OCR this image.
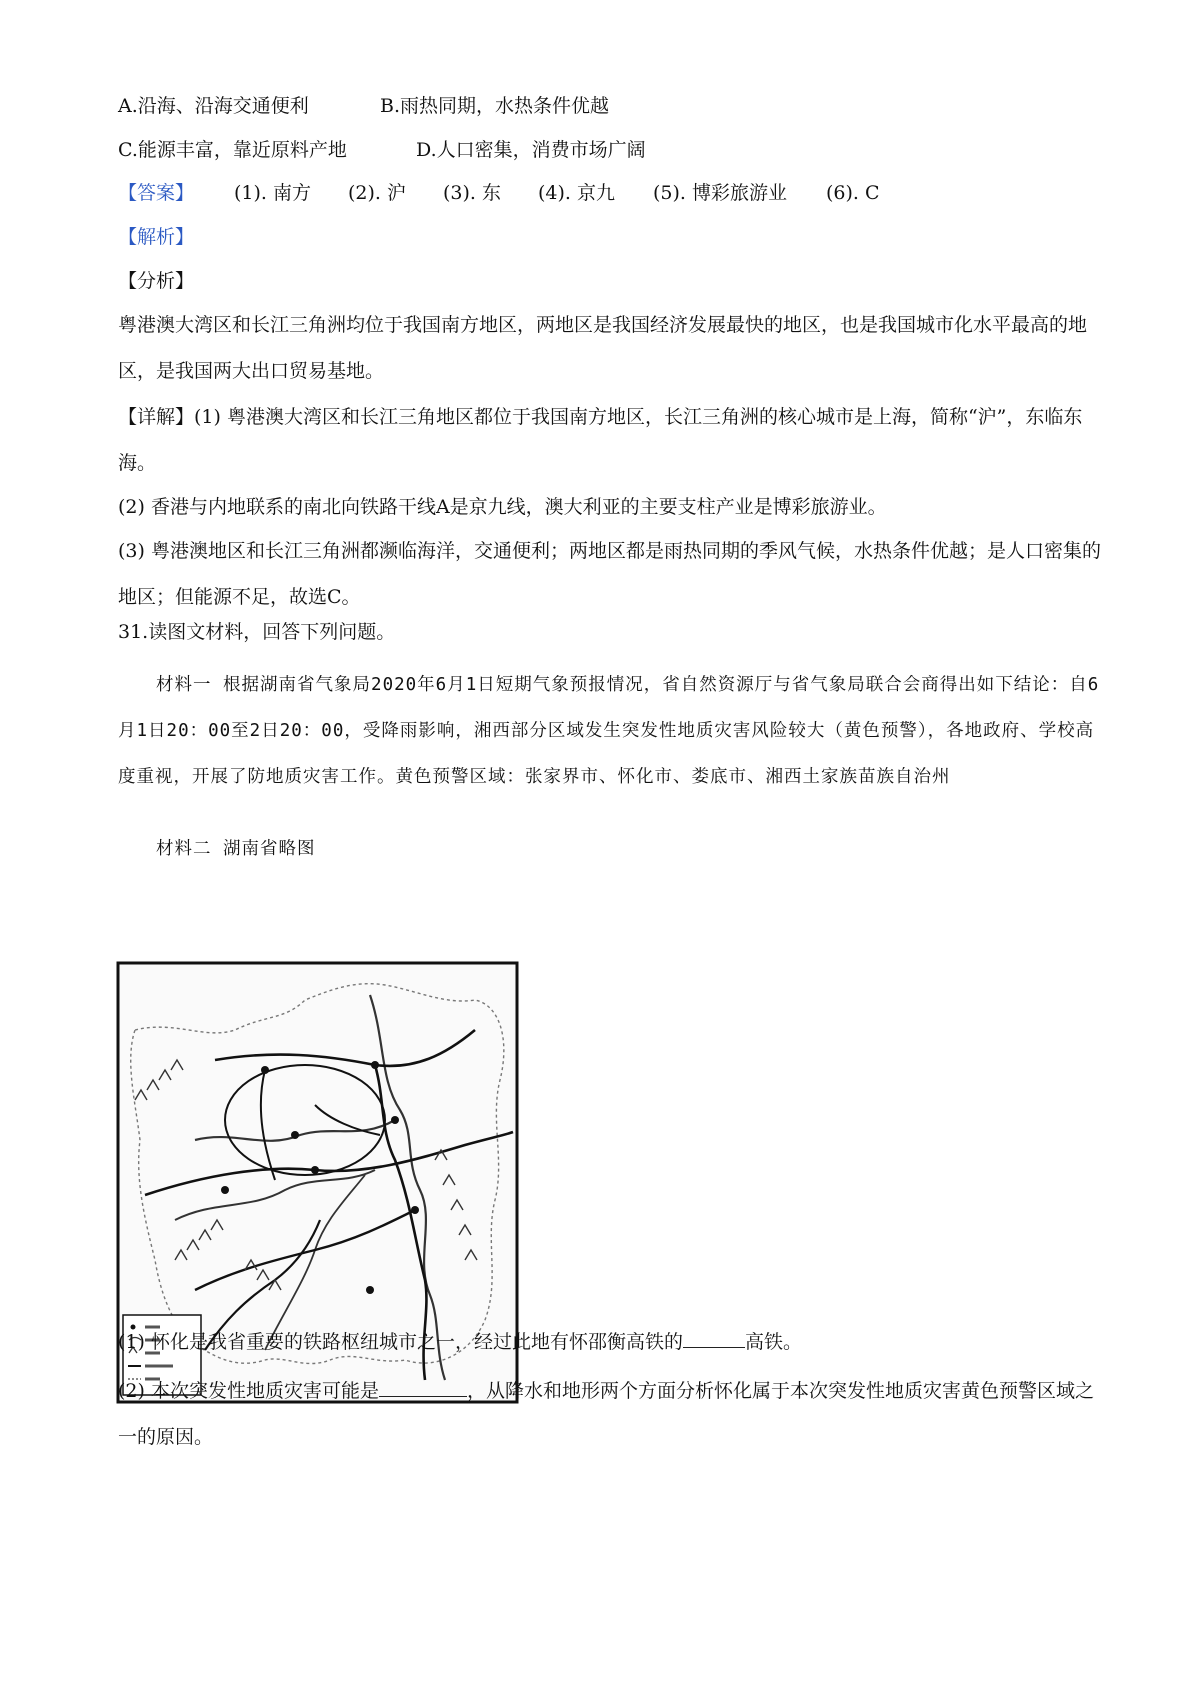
A.沿海、沿海交通便利	B.雨热同期，水热条件优越
C.能源丰富，靠近原料产地	D.人口密集，消费市场广阔
【答案】 (1). 南方 (2). 沪 (3). 东 (4). 京九 (5). 博彩旅游业 (6). C
【解析】
【分析】
粤港澳大湾区和长江三角洲均位于我国南方地区，两地区是我国经济发展最快的地区，也是我国城市化水平最高的地区，是我国两大出口贸易基地。
【详解】(1) 粤港澳大湾区和长江三角地区都位于我国南方地区，长江三角洲的核心城市是上海，简称“沪”，东临东海。
(2) 香港与内地联系的南北向铁路干线A是京九线，澳大利亚的主要支柱产业是博彩旅游业。
(3) 粤港澳地区和长江三角洲都濒临海洋，交通便利；两地区都是雨热同期的季风气候，水热条件优越；是人口密集的地区；但能源不足，故选C。
31.读图文材料，回答下列问题。
材料一 根据湖南省气象局2020年6月1日短期气象预报情况，省自然资源厅与省气象局联合会商得出如下结论：自6月1日20：00至2日20：00，受降雨影响，湘西部分区域发生突发性地质灾害风险较大（黄色预警），各地政府、学校高度重视，开展了防地质灾害工作。黄色预警区域：张家界市、怀化市、娄底市、湘西土家族苗族自治州
材料二 湖南省略图
(1) 怀化是我省重要的铁路枢纽城市之一，经过此地有怀邵衡高铁的	高铁。
(2) 本次突发性地质灾害可能是	，从降水和地形两个方面分析怀化属于本次突发性地质灾害黄色预警区域之一的原因。
